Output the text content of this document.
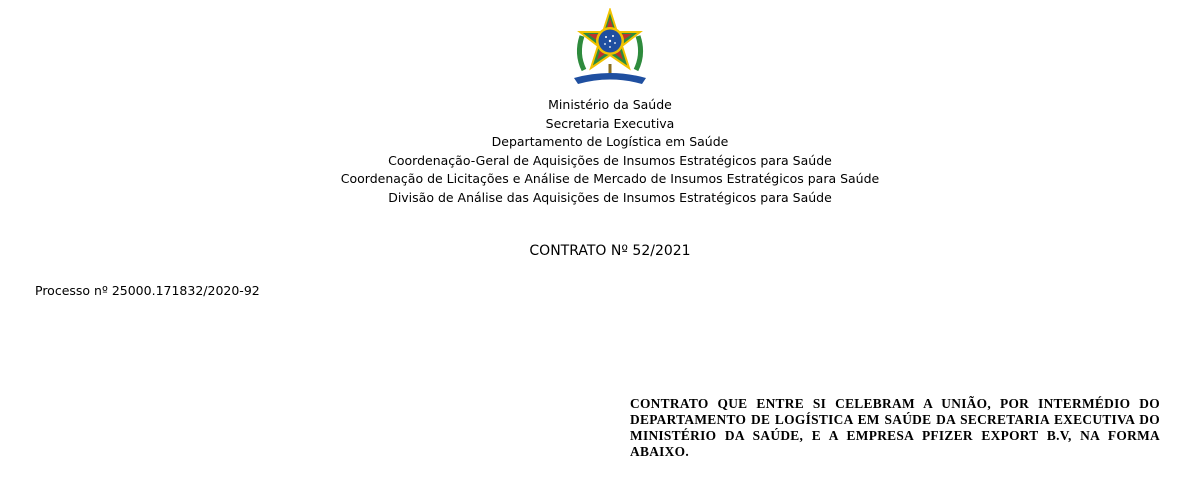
Ministério da Saúde
Secretaria Executiva
Departamento de Logística em Saúde
Coordenação-Geral de Aquisições de Insumos Estratégicos para Saúde
Coordenação de Licitações e Análise de Mercado de Insumos Estratégicos para Saúde
Divisão de Análise das Aquisições de Insumos Estratégicos para Saúde
CONTRATO Nº 52/2021
Processo nº 25000.171832/2020-92
CONTRATO QUE ENTRE SI CELEBRAM A UNIÃO, POR INTERMÉDIO DO DEPARTAMENTO DE LOGÍSTICA EM SAÚDE DA SECRETARIA EXECUTIVA DO MINISTÉRIO DA SAÚDE, E A EMPRESA PFIZER EXPORT B.V, NA FORMA ABAIXO.
